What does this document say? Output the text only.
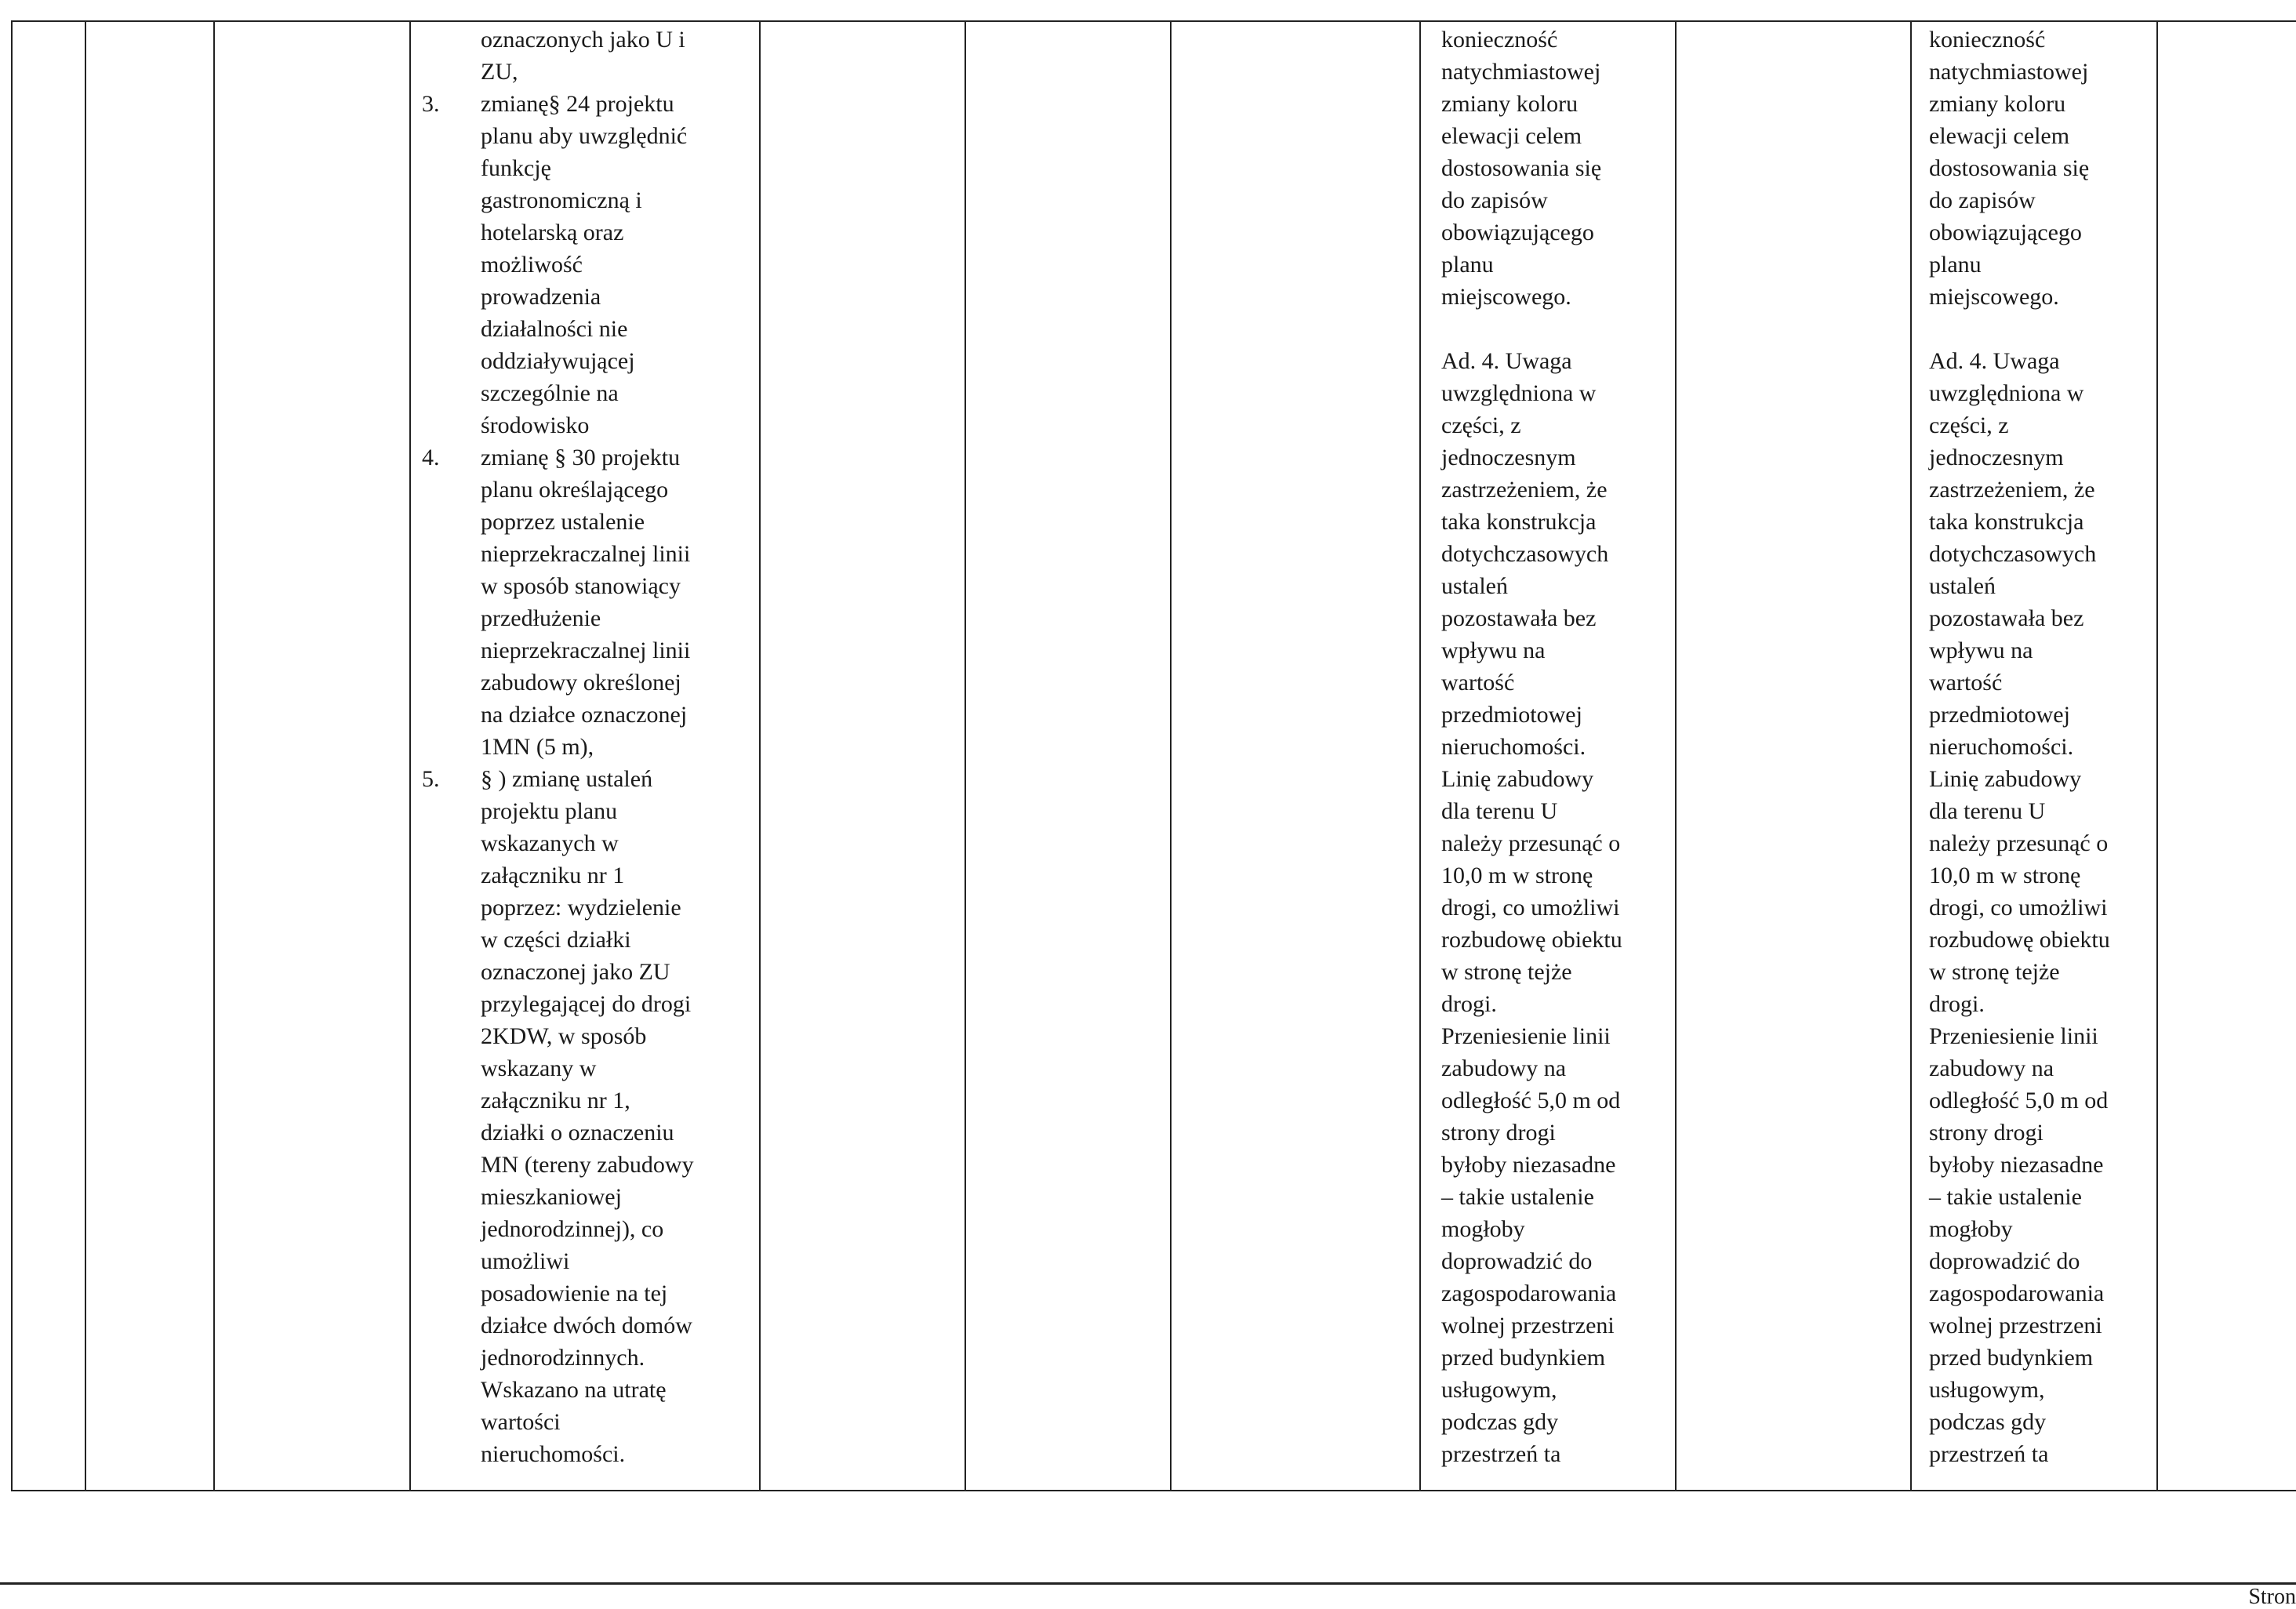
oznaczonych jako U i

ZU,

3. zmianę§ 24 projektu

planu aby uwzględnić

funkcję

gastronomiczną i

hotelarską oraz

możliwość

prowadzenia

działalności nie

oddziaływującej

szczególnie na

środowisko

4. zmianę § 30 projektu

planu określającego

poprzez ustalenie

nieprzekraczalnej linii

w sposób stanowiący

przedłużenie

nieprzekraczalnej linii

zabudowy określonej

na działce oznaczonej

1MN (5 m),

5. § ) zmianę ustaleń

projektu planu

wskazanych w

załączniku nr 1

poprzez: wydzielenie

w części działki

oznaczonej jako ZU

przylegającej do drogi

2KDW, w sposób

wskazany w

załączniku nr 1,

działki o oznaczeniu

MN (tereny zabudowy

mieszkaniowej

jednorodzinnej), co

umożliwi

posadowienie na tej

działce dwóch domów

jednorodzinnych.

Wskazano na utratę

wartości

nieruchomości.

konieczność

natychmiastowej

zmiany koloru

elewacji celem

dostosowania się

do zapisów

obowiązującego

planu

miejscowego.

Ad. 4. Uwaga

uwzględniona w

części, z

jednoczesnym

zastrzeżeniem, że

taka konstrukcja

dotychczasowych

ustaleń

pozostawała bez

wpływu na

wartość

przedmiotowej

nieruchomości.

Linię zabudowy

dla terenu U

należy przesunąć o

10,0 m w stronę

drogi, co umożliwi

rozbudowę obiektu

w stronę tejże

drogi.

Przeniesienie linii

zabudowy na

odległość 5,0 m od

strony drogi

byłoby niezasadne

– takie ustalenie

mogłoby

doprowadzić do

zagospodarowania

wolnej przestrzeni

przed budynkiem

usługowym,

podczas gdy

przestrzeń ta

konieczność

natychmiastowej

zmiany koloru

elewacji celem

dostosowania się

do zapisów

obowiązującego

planu

miejscowego.

Ad. 4. Uwaga

uwzględniona w

części, z

jednoczesnym

zastrzeżeniem, że

taka konstrukcja

dotychczasowych

ustaleń

pozostawała bez

wpływu na

wartość

przedmiotowej

nieruchomości.

Linię zabudowy

dla terenu U

należy przesunąć o

10,0 m w stronę

drogi, co umożliwi

rozbudowę obiektu

w stronę tejże

drogi.

Przeniesienie linii

zabudowy na

odległość 5,0 m od

strony drogi

byłoby niezasadne

– takie ustalenie

mogłoby

doprowadzić do

zagospodarowania

wolnej przestrzeni

przed budynkiem

usługowym,

podczas gdy

przestrzeń ta

Stron
